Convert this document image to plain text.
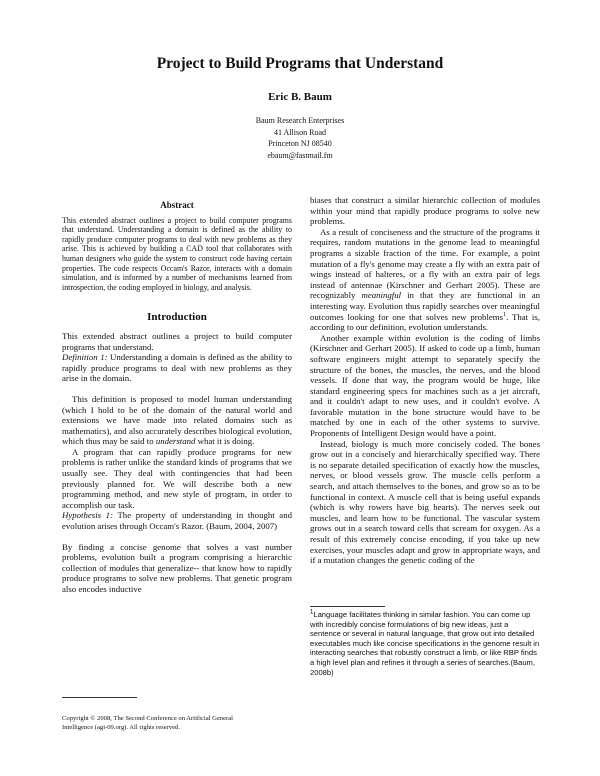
Project to Build Programs that Understand
Eric B. Baum
Baum Research Enterprises
41 Allison Road
Princeton NJ 08540
ebaum@fastmail.fm
Abstract

This extended abstract outlines a project to build computer programs that understand. Understanding a domain is defined as the ability to rapidly produce computer programs to deal with new problems as they arise. This is achieved by building a CAD tool that collaborates with human designers who guide the system to construct code having certain properties. The code respects Occam's Razor, interacts with a domain simulation, and is informed by a number of mechanisms learned from introspection, the coding employed in biology, and analysis.

Introduction

This extended abstract outlines a project to build computer programs that understand.

Definition 1: Understanding a domain is defined as the ability to rapidly produce programs to deal with new problems as they arise in the domain.

This definition is proposed to model human understanding (which I hold to be of the domain of the natural world and extensions we have made into related domains such as mathematics), and also accurately describes biological evolution, which thus may be said to understand what it is doing.

A program that can rapidly produce programs for new problems is rather unlike the standard kinds of programs that we usually see. They deal with contingencies that had been previously planned for. We will describe both a new programming method, and new style of program, in order to accomplish our task.

Hypothesis 1: The property of understanding in thought and evolution arises through Occam's Razor. (Baum, 2004, 2007)

By finding a concise genome that solves a vast number problems, evolution built a program comprising a hierarchic collection of modules that generalize-- that know how to rapidly produce programs to solve new problems. That genetic program also encodes inductive

Copyright © 2008, The Second Conference on Artificial General
Intelligence (agi-09.org). All rights reserved.

biases that construct a similar hierarchic collection of modules within your mind that rapidly produce programs to solve new problems.

As a result of conciseness and the structure of the programs it requires, random mutations in the genome lead to meaningful programs a sizable fraction of the time. For example, a point mutation of a fly's genome may create a fly with an extra pair of wings instead of halteres, or a fly with an extra pair of legs instead of antennae (Kirschner and Gerhart 2005). These are recognizably meaningful in that they are functional in an interesting way. Evolution thus rapidly searches over meaningful outcomes looking for one that solves new problems$^1$. That is, according to our definition, evolution understands.

Another example within evolution is the coding of limbs (Kirschner and Gerhart 2005). If asked to code up a limb, human software engineers might attempt to separately specify the structure of the bones, the muscles, the nerves, and the blood vessels. If done that way, the program would be huge, like standard engineering specs for machines such as a jet aircraft, and it couldn't adapt to new uses, and it couldn't evolve. A favorable mutation in the bone structure would have to be matched by one in each of the other systems to survive. Proponents of Intelligent Design would have a point.

Instead, biology is much more concisely coded. The bones grow out in a concisely and hierarchically specified way. There is no separate detailed specification of exactly how the muscles, nerves, or blood vessels grow. The muscle cells perform a search, and attach themselves to the bones, and grow so as to be functional in context. A muscle cell that is being useful expands (which is why rowers have big hearts). The nerves seek out muscles, and learn how to be functional. The vascular system grows out in a search toward cells that scream for oxygen. As a result of this extremely concise encoding, if you take up new exercises, your muscles adapt and grow in appropriate ways, and if a mutation changes the genetic coding of the

$^1$Language facilitates thinking in similar fashion. You can come up with incredibly concise formulations of big new ideas, just a sentence or several in natural language, that grow out into detailed executables much like concise specifications in the genome result in interacting searches that robustly construct a limb, or like RBP finds a high level plan and refines it through a series of searches.(Baum, 2008b)
